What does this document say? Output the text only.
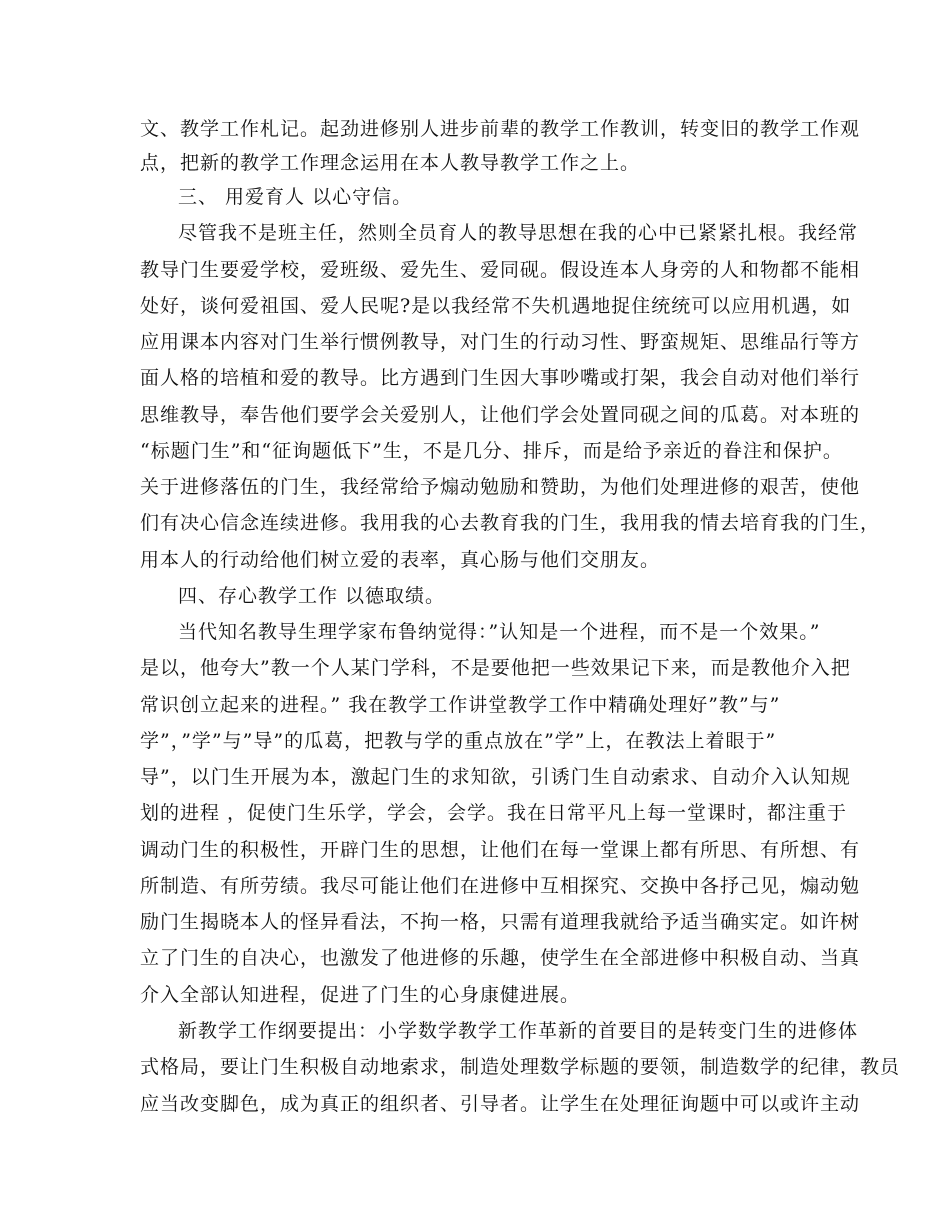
文、教学工作札记。起劲进修别人进步前辈的教学工作教训，转变旧的教学工作观
点，把新的教学工作理念运用在本人教导教学工作之上。
三、 用爱育人 以心守信。
尽管我不是班主任，然则全员育人的教导思想在我的心中已紧紧扎根。我经常
教导门生要爱学校，爱班级、爱先生、爱同砚。假设连本人身旁的人和物都不能相
处好，谈何爱祖国、爱人民呢?是以我经常不失机遇地捉住统统可以应用机遇，如
应用课本内容对门生举行惯例教导，对门生的行动习性、野蛮规矩、思维品行等方
面人格的培植和爱的教导。比方遇到门生因大事吵嘴或打架，我会自动对他们举行
思维教导，奉告他们要学会关爱别人，让他们学会处置同砚之间的瓜葛。对本班的
“标题门生”和“征询题低下”生，不是几分、排斥，而是给予亲近的眷注和保护。
关于进修落伍的门生，我经常给予煽动勉励和赞助，为他们处理进修的艰苦，使他
们有决心信念连续进修。我用我的心去教育我的门生，我用我的情去培育我的门生，
用本人的行动给他们树立爱的表率，真心肠与他们交朋友。
四、存心教学工作 以德取绩。
当代知名教导生理学家布鲁纳觉得：”认知是一个进程，而不是一个效果。”
是以，他夸大”教一个人某门学科，不是要他把一些效果记下来，而是教他介入把
常识创立起来的进程。” 我在教学工作讲堂教学工作中精确处理好”教”与”
学”，”学”与”导”的瓜葛，把教与学的重点放在”学”上，在教法上着眼于”
导”，以门生开展为本，激起门生的求知欲，引诱门生自动索求、自动介入认知规
划的进程 ，促使门生乐学，学会，会学。我在日常平凡上每一堂课时，都注重于
调动门生的积极性，开辟门生的思想，让他们在每一堂课上都有所思、有所想、有
所制造、有所劳绩。我尽可能让他们在进修中互相探究、交换中各抒己见，煽动勉
励门生揭晓本人的怪异看法，不拘一格，只需有道理我就给予适当确实定。如许树
立了门生的自决心，也激发了他进修的乐趣，使学生在全部进修中积极自动、当真
介入全部认知进程，促进了门生的心身康健进展。
新教学工作纲要提出：小学数学教学工作革新的首要目的是转变门生的进修体
式格局，要让门生积极自动地索求，制造处理数学标题的要领，制造数学的纪律，教员
应当改变脚色，成为真正的组织者、引导者。让学生在处理征询题中可以或许主动
